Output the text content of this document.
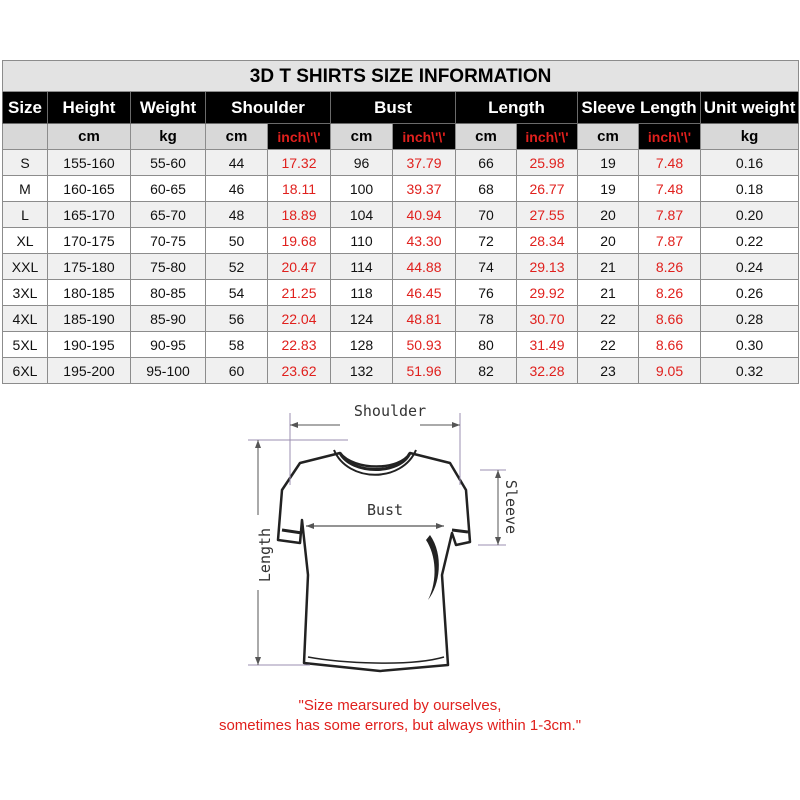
3D T SHIRTS SIZE INFORMATION											
Size	Height	Weight	Shoulder		Bust		Length		Sleeve Length		Unit weight
	cm	kg	cm	inch\'\'	cm	inch\'\'	cm	inch\'\'	cm	inch\'\'	kg
S	155-160	55-60	44	17.32	96	37.79	66	25.98	19	7.48	0.16
M	160-165	60-65	46	18.11	100	39.37	68	26.77	19	7.48	0.18
L	165-170	65-70	48	18.89	104	40.94	70	27.55	20	7.87	0.20
XL	170-175	70-75	50	19.68	110	43.30	72	28.34	20	7.87	0.22
XXL	175-180	75-80	52	20.47	114	44.88	74	29.13	21	8.26	0.24
3XL	180-185	80-85	54	21.25	118	46.45	76	29.92	21	8.26	0.26
4XL	185-190	85-90	56	22.04	124	48.81	78	30.70	22	8.66	0.28
5XL	190-195	90-95	58	22.83	128	50.93	80	31.49	22	8.66	0.30
6XL	195-200	95-100	60	23.62	132	51.96	82	32.28	23	9.05	0.32
Shoulder
Bust
Length
Sleeve
"Size mearsured by ourselves,
sometimes has some errors, but always within 1-3cm."
